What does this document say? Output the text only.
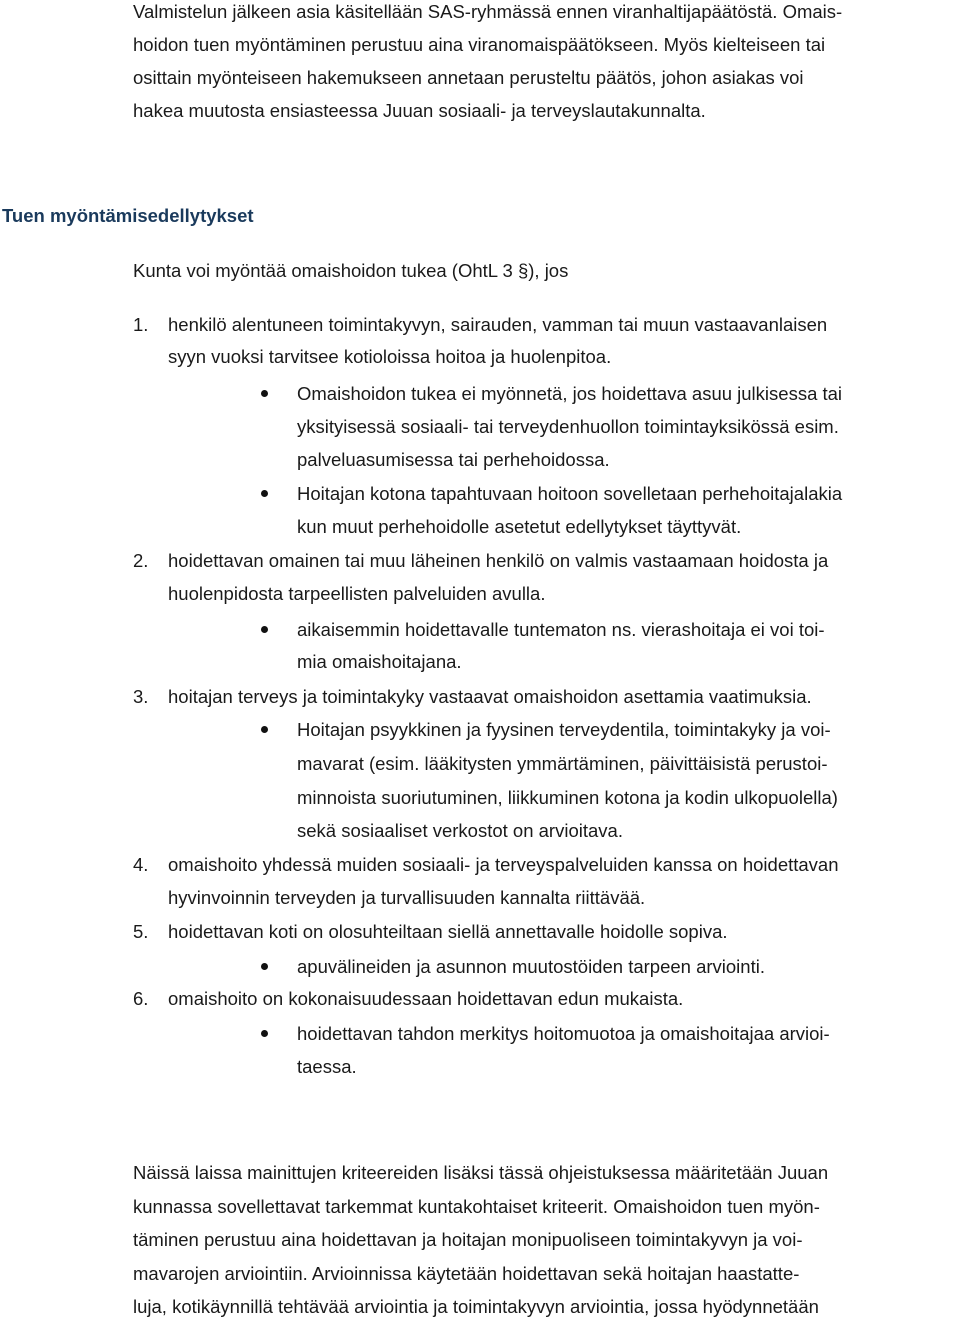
Valmistelun jälkeen asia käsitellään SAS-ryhmässä ennen viranhaltijapäätöstä. Omais-
hoidon tuen myöntäminen perustuu aina viranomaispäätökseen. Myös kielteiseen tai
osittain myönteiseen hakemukseen annetaan perusteltu päätös, johon asiakas voi
hakea muutosta ensiasteessa Juuan sosiaali- ja terveyslautakunnalta.
Tuen myöntämisedellytykset
Kunta voi myöntää omaishoidon tukea (OhtL 3 §), jos
1. henkilö alentuneen toimintakyvyn, sairauden, vamman tai muun vastaavanlaisen
syyn vuoksi tarvitsee kotioloissa hoitoa ja huolenpitoa.
Omaishoidon tukea ei myönnetä, jos hoidettava asuu julkisessa tai
yksityisessä sosiaali- tai terveydenhuollon toimintayksikössä esim.
palveluasumisessa tai perhehoidossa.
Hoitajan kotona tapahtuvaan hoitoon sovelletaan perhehoitajalakia
kun muut perhehoidolle asetetut edellytykset täyttyvät.
2. hoidettavan omainen tai muu läheinen henkilö on valmis vastaamaan hoidosta ja
huolenpidosta tarpeellisten palveluiden avulla.
aikaisemmin hoidettavalle tuntematon ns. vierashoitaja ei voi toi-
mia omaishoitajana.
3. hoitajan terveys ja toimintakyky vastaavat omaishoidon asettamia vaatimuksia.
Hoitajan psyykkinen ja fyysinen terveydentila, toimintakyky ja voi-
mavarat (esim. lääkitysten ymmärtäminen, päivittäisistä perustoi-
minnoista suoriutuminen, liikkuminen kotona ja kodin ulkopuolella)
sekä sosiaaliset verkostot on arvioitava.
4. omaishoito yhdessä muiden sosiaali- ja terveyspalveluiden kanssa on hoidettavan
hyvinvoinnin terveyden ja turvallisuuden kannalta riittävää.
5. hoidettavan koti on olosuhteiltaan siellä annettavalle hoidolle sopiva.
apuvälineiden ja asunnon muutostöiden tarpeen arviointi.
6. omaishoito on kokonaisuudessaan hoidettavan edun mukaista.
hoidettavan tahdon merkitys hoitomuotoa ja omaishoitajaa arvioi-
taessa.
Näissä laissa mainittujen kriteereiden lisäksi tässä ohjeistuksessa määritetään Juuan
kunnassa sovellettavat tarkemmat kuntakohtaiset kriteerit. Omaishoidon tuen myön-
täminen perustuu aina hoidettavan ja hoitajan monipuoliseen toimintakyvyn ja voi-
mavarojen arviointiin. Arvioinnissa käytetään hoidettavan sekä hoitajan haastatte-
luja, kotikäynnillä tehtävää arviointia ja toimintakyvyn arviointia, jossa hyödynnetään
